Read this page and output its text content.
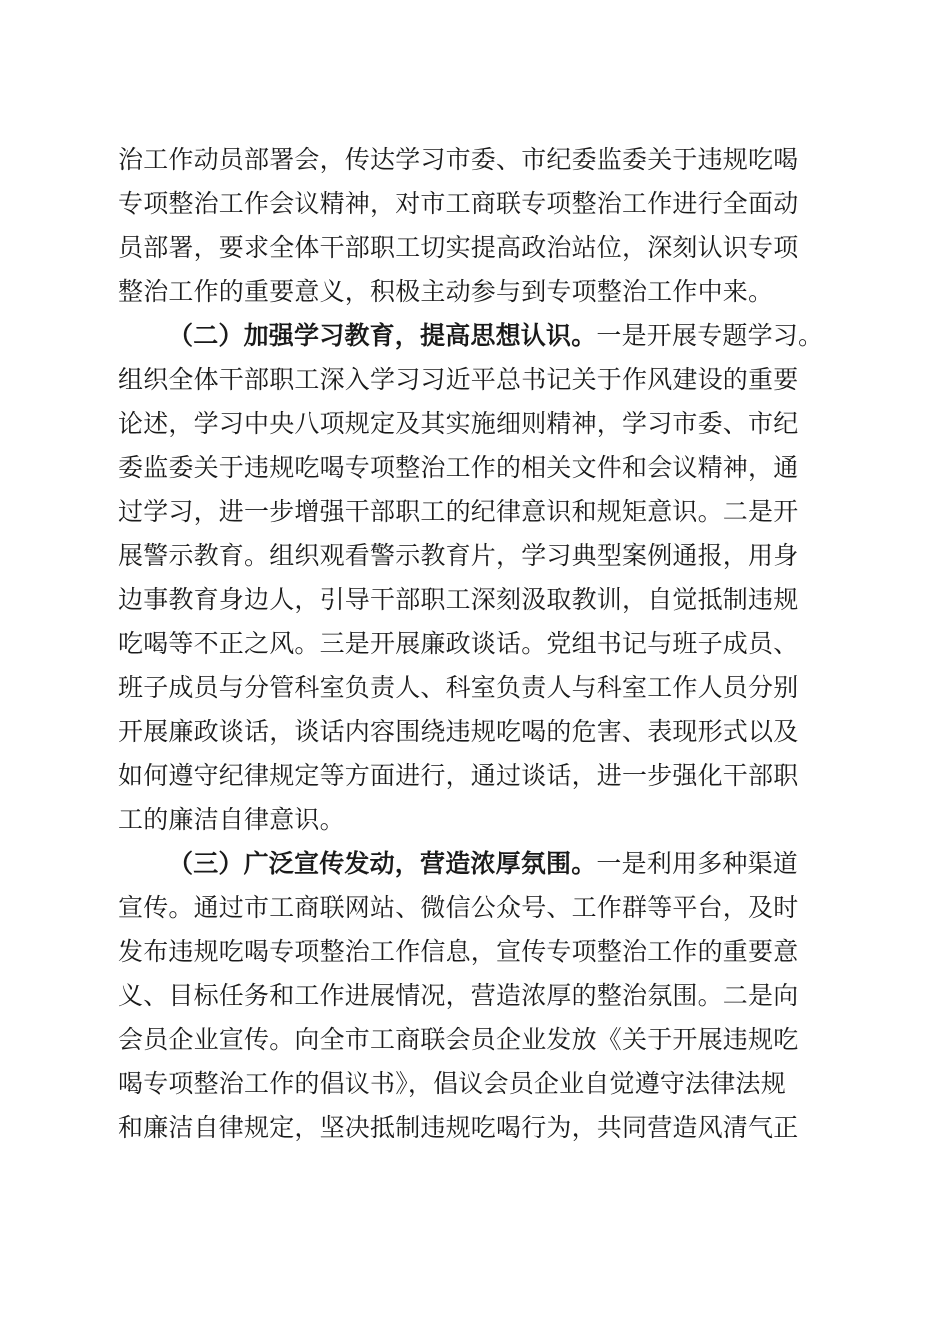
治工作动员部署会，传达学习市委、市纪委监委关于违规吃喝
专项整治工作会议精神，对市工商联专项整治工作进行全面动
员部署，要求全体干部职工切实提高政治站位，深刻认识专项
整治工作的重要意义，积极主动参与到专项整治工作中来。
（二）加强学习教育，提高思想认识。一是开展专题学习。
组织全体干部职工深入学习习近平总书记关于作风建设的重要
论述，学习中央八项规定及其实施细则精神，学习市委、市纪
委监委关于违规吃喝专项整治工作的相关文件和会议精神，通
过学习，进一步增强干部职工的纪律意识和规矩意识。二是开
展警示教育。组织观看警示教育片，学习典型案例通报，用身
边事教育身边人，引导干部职工深刻汲取教训，自觉抵制违规
吃喝等不正之风。三是开展廉政谈话。党组书记与班子成员、
班子成员与分管科室负责人、科室负责人与科室工作人员分别
开展廉政谈话，谈话内容围绕违规吃喝的危害、表现形式以及
如何遵守纪律规定等方面进行，通过谈话，进一步强化干部职
工的廉洁自律意识。
（三）广泛宣传发动，营造浓厚氛围。一是利用多种渠道
宣传。通过市工商联网站、微信公众号、工作群等平台，及时
发布违规吃喝专项整治工作信息，宣传专项整治工作的重要意
义、目标任务和工作进展情况，营造浓厚的整治氛围。二是向
会员企业宣传。向全市工商联会员企业发放《关于开展违规吃
喝专项整治工作的倡议书》，倡议会员企业自觉遵守法律法规
和廉洁自律规定，坚决抵制违规吃喝行为，共同营造风清气正
